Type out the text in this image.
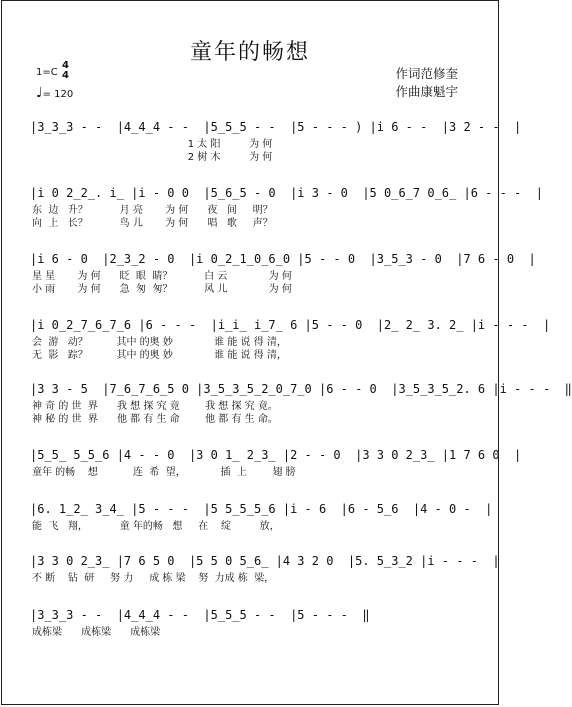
童年的畅想
作词范修奎
作曲康魁宇
1=C
4
4
♩= 120
|3̲3̲3 - -  |4̲4̲4 - -  |5̲5̲5 - -  |5 - - - ) |i 6 - -  |3 2 - -  |
1 太 阳         为 何
2 树 木         为 何
|i 0 2̲2̲. i̲ |i - 0 0  |5̲6̲5 - 0  |i 3 - 0  |5 0̲6̲7 0̲6̲ |6 - - -  |
东  边   升？          月 亮       为 何      夜   间     明？
向  上   长？          鸟 儿       为 何      唱   歌     声？
|i 6 - 0  |2̲3̲2 - 0  |i 0̲2̲1̲0̲6̲0 |5 - - 0  |3̲5̲3 - 0  |7 6 - 0  |
星 星       为 何      眨  眼  睛？          白 云             为 何
小 雨       为 何      急  匆  匆？          风 儿             为 何
|i 0̲2̲7̲6̲7̲6 |6 - - -  |i̲i̲ i̲7̲ 6 |5 - - 0  |2̲ 2̲ 3. 2̲ |i - - -  |
会  游   动？         其中 的奥 妙             谁 能 说 得 清，
无  影   踪？         其中 的奥 妙             谁 能 说 得 清，
|3 3 - 5  |7̲6̲7̲6̲5 0 |3̲5̲3̲5̲2̲0̲7̲0 |6 - - 0  |3̲5̲3̲5̲2. 6 |i - - -  ‖
神 奇 的 世  界      我 想 探 究 竟        我 想 探 究 竟。
神 秘 的 世  界      他 都 有 生 命        他 都 有 生 命。
|5̲5̲ 5̲5̲6 |4 - - 0  |3 0 1̲ 2̲3̲ |2 - - 0  |3 3 0 2̲3̲ |1 7 6 0  |
童年 的畅    想           连  希  望，           插  上        翅 膀
|6. 1̲2̲ 3̲4̲ |5 - - -  |5 5̲5̲5̲6 |i - 6  |6 - 5̲6  |4 - 0 -  |
能  飞   翔，          童 年的畅   想     在    绽         放，
|3 3 0 2̲3̲ |7 6 5 0  |5 5 0 5̲6̲ |4 3 2 0  |5. 5̲3̲2 |i - - -  |
不 断    钻  研     努 力     成 栋 梁    努  力成 栋  梁，
|3̲3̲3 - -  |4̲4̲4 - -  |5̲5̲5 - -  |5 - - -  ‖
成栋梁      成栋梁      成栋梁
